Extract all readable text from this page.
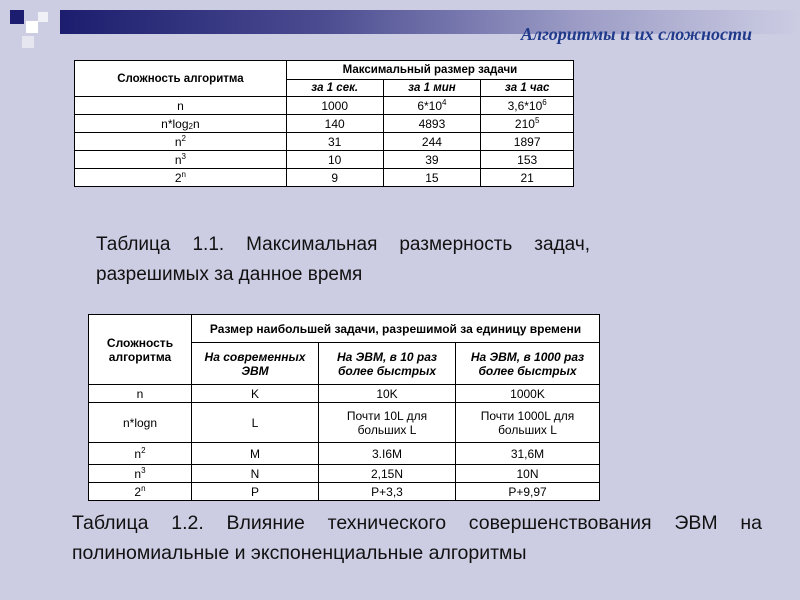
Алгоритмы и их сложности
Сложность алгоритма	Максимальный размер задачи		
	за 1 сек.	за 1 мин	за 1 час
n	1000	$6*10^4$	$3,6*10^6$
$n*\log_2n$	140	4893	$210^5$
$n^2$	31	244	1897
$n^3$	10	39	153
2$^n$	9	15	21
Таблица 1.1. Максимальная размерность задач, разрешимых за данное время
Сложность алгоритма	Размер наибольшей задачи, разрешимой за единицу времени		
	На современных ЭВМ	На ЭВМ, в 10 раз более быстрых	На ЭВМ, в 1000 раз более быстрых
n	K	10K	1000K
n*logn	L	Почти 10L для больших L	Почти 1000L для больших L
$n^2$	M	3.I6M	31,6M
$n^3$	N	2,15N	10N
2$^n$	P	P+3,3	P+9,97
Таблица 1.2. Влияние технического совершенствования ЭВМ на полиномиальные и экспоненциальные алгоритмы
